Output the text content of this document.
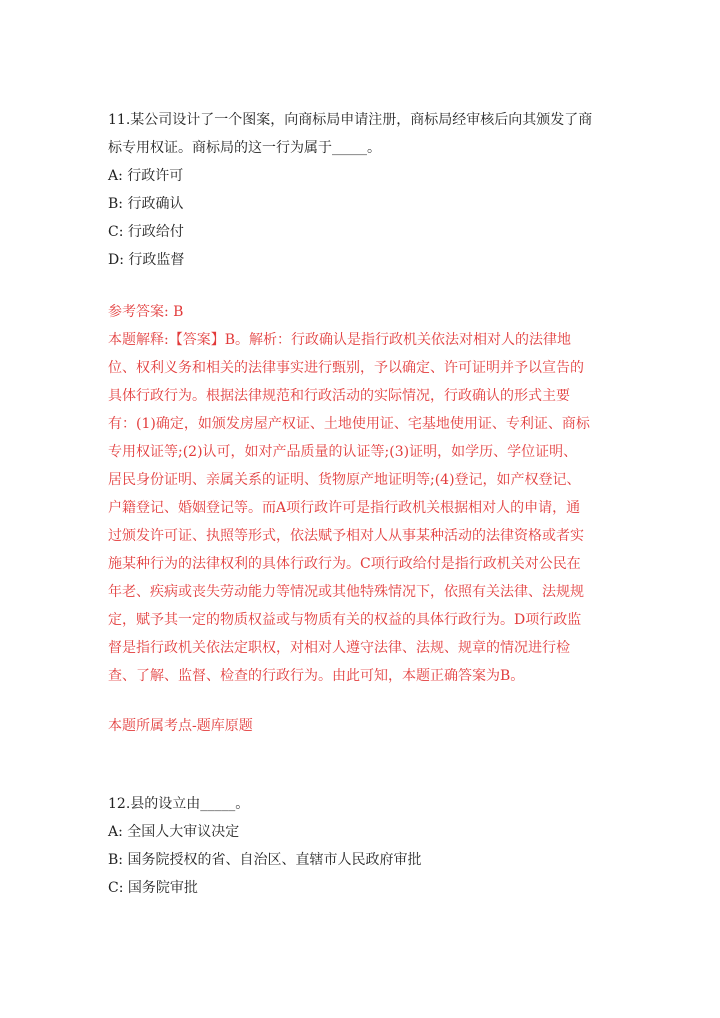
11.某公司设计了一个图案，向商标局申请注册，商标局经审核后向其颁发了商
标专用权证。商标局的这一行为属于_____。
A: 行政许可
B: 行政确认
C: 行政给付
D: 行政监督
参考答案: B
本题解释:【答案】B。解析：行政确认是指行政机关依法对相对人的法律地
位、权利义务和相关的法律事实进行甄别，予以确定、许可证明并予以宣告的
具体行政行为。根据法律规范和行政活动的实际情况，行政确认的形式主要
有：(1)确定，如颁发房屋产权证、土地使用证、宅基地使用证、专利证、商标
专用权证等;(2)认可，如对产品质量的认证等;(3)证明，如学历、学位证明、
居民身份证明、亲属关系的证明、货物原产地证明等;(4)登记，如产权登记、
户籍登记、婚姻登记等。而A项行政许可是指行政机关根据相对人的申请，通
过颁发许可证、执照等形式，依法赋予相对人从事某种活动的法律资格或者实
施某种行为的法律权利的具体行政行为。C项行政给付是指行政机关对公民在
年老、疾病或丧失劳动能力等情况或其他特殊情况下，依照有关法律、法规规
定，赋予其一定的物质权益或与物质有关的权益的具体行政行为。D项行政监
督是指行政机关依法定职权，对相对人遵守法律、法规、规章的情况进行检
查、了解、监督、检查的行政行为。由此可知，本题正确答案为B。
本题所属考点-题库原题
12.县的设立由_____。
A: 全国人大审议决定
B: 国务院授权的省、自治区、直辖市人民政府审批
C: 国务院审批
